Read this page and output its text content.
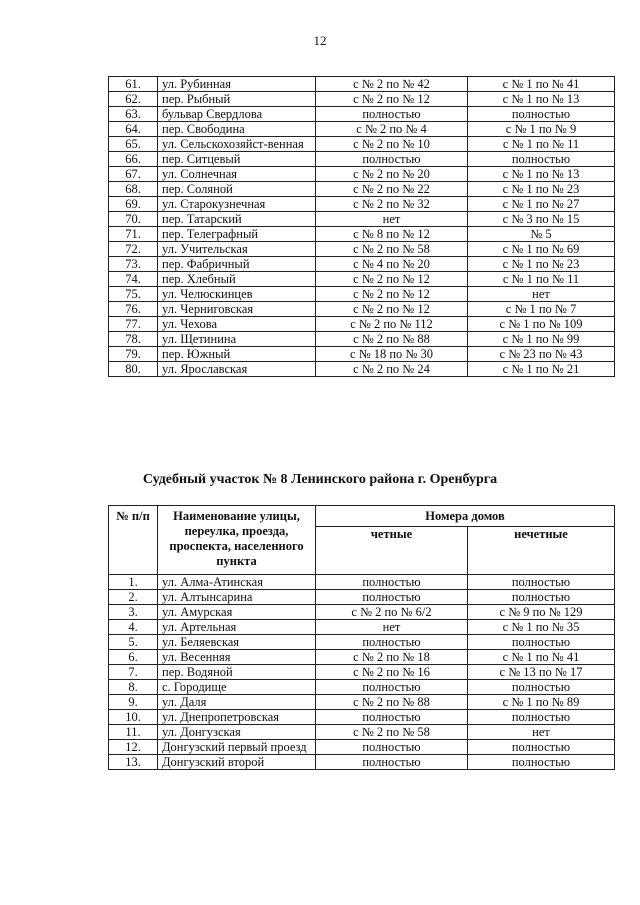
12
61.	ул. Рубинная	с № 2 по № 42	с № 1 по № 41
62.	пер. Рыбный	с № 2 по № 12	с № 1 по № 13
63.	бульвар Свердлова	полностью	полностью
64.	пер. Свободина	с № 2 по № 4	с № 1 по № 9
65.	ул. Сельскохозяйст-венная	с № 2 по № 10	с № 1 по № 11
66.	пер. Ситцевый	полностью	полностью
67.	ул. Солнечная	с № 2 по № 20	с № 1 по № 13
68.	пер. Соляной	с № 2 по № 22	с № 1 по № 23
69.	ул. Старокузнечная	с № 2 по № 32	с № 1 по № 27
70.	пер. Татарский	нет	с № 3 по № 15
71.	пер. Телеграфный	с № 8 по № 12	№ 5
72.	ул. Учительская	с № 2 по № 58	с № 1 по № 69
73.	пер. Фабричный	с № 4 по № 20	с № 1 по № 23
74.	пер. Хлебный	с № 2 по № 12	с № 1 по № 11
75.	ул. Челюскинцев	с № 2 по № 12	нет
76.	ул. Черниговская	с № 2 по № 12	с № 1 по № 7
77.	ул. Чехова	с № 2 по № 112	с № 1 по № 109
78.	ул. Щетинина	с № 2 по № 88	с № 1 по № 99
79.	пер. Южный	с № 18 по № 30	с № 23 по № 43
80.	ул. Ярославская	с № 2 по № 24	с № 1 по № 21
Судебный участок № 8 Ленинского района г. Оренбурга
№ п/п	Наименование улицы, переулка, проезда, проспекта, населенного пункта	Номера домов	
		четные	нечетные
1.	ул. Алма-Атинская	полностью	полностью
2.	ул. Алтынсарина	полностью	полностью
3.	ул. Амурская	с № 2 по № 6/2	с № 9 по № 129
4.	ул. Артельная	нет	с № 1 по № 35
5.	ул. Беляевская	полностью	полностью
6.	ул. Весенняя	с № 2 по № 18	с № 1 по № 41
7.	пер. Водяной	с № 2 по № 16	с № 13 по № 17
8.	с. Городище	полностью	полностью
9.	ул. Даля	с № 2 по № 88	с № 1 по № 89
10.	ул. Днепропетровская	полностью	полностью
11.	ул. Донгузская	с № 2 по № 58	нет
12.	Донгузский первый проезд	полностью	полностью
13.	Донгузский второй	полностью	полностью
